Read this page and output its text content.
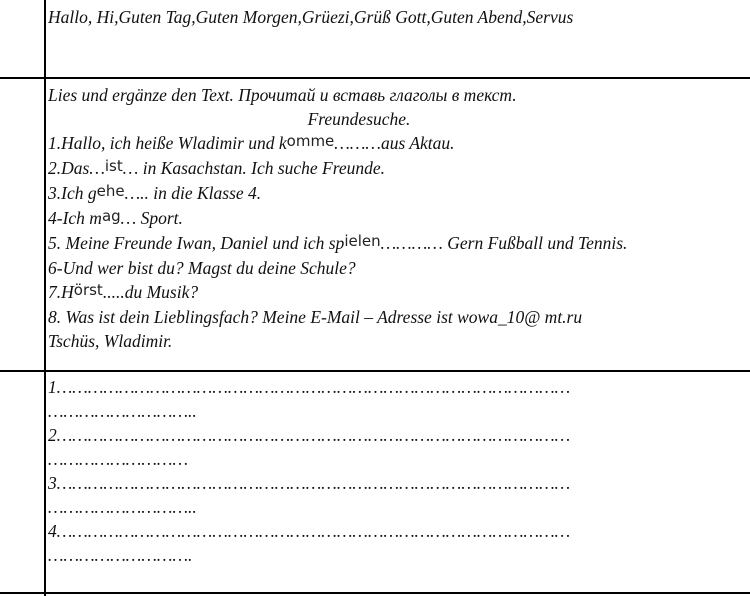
Hallo, Hi,Guten Tag,Guten Morgen,Grüezi,Grüß Gott,Guten Abend,Servus
Lies und ergänze den Text. Прочитай и вставь глаголы в текст.
Freundesuche.
1.Hallo, ich heiße Wladimir und komme………aus Aktau.
2.Das…ist… in Kasachstan. Ich suche Freunde.
3.Ich gehe….. in die Klasse 4.
4-Ich mag… Sport.
5. Meine Freunde Iwan, Daniel und ich spielen………… Gern Fußball und Tennis.
6-Und wer bist du? Magst du deine Schule?
7.Hörst.....du Musik?
8. Was ist dein Lieblingsfach? Meine E-Mail – Adresse ist wowa_10@ mt.ru
Tschüs, Wladimir.
1………………………………………………………………………………………
………………………..
2………………………………………………………………………………………
………………………
3………………………………………………………………………………………
………………………..
4………………………………………………………………………………………
……………………….
